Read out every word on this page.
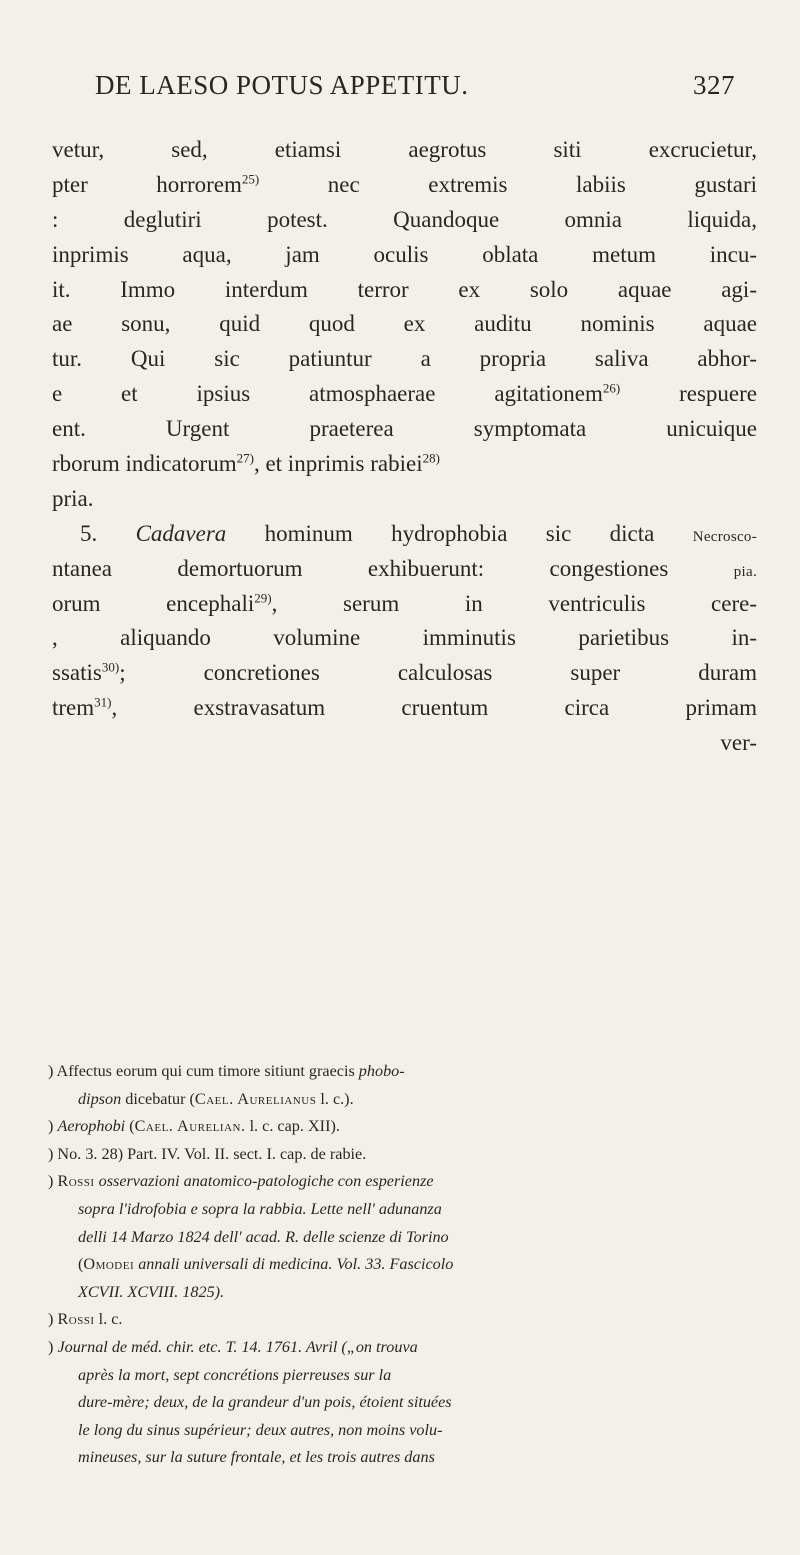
DE LAESO POTUS APPETITU.	327
vetur, sed, etiamsi aegrotus siti excrucietur,
pter horrorem$^{25)}$	nec extremis labiis gustari
:	deglutiri potest. Quandoque omnia liquida,
inprimis aqua, jam oculis oblata metum incu-
it. Immo interdum terror ex solo aquae agi-
ae sonu, quid quod ex auditu nominis aquae
tur. Qui sic patiuntur a propria saliva abhor-
e et ipsius atmosphaerae agitationem$^{26)}$	respuere
ent. Urgent praeterea symptomata unicuique
rborum indicatorum$^{27)}$, et inprimis rabiei$^{28)}$
pria.
5. Cadavera hominum hydrophobia sic dicta	Necrosco-
ntanea demortuorum exhibuerunt: congestiones	pia.
orum encephali$^{29)}$, serum in ventriculis cere-
, aliquando volumine imminutis parietibus in-
ssatis$^{30)}$; concretiones calculosas super duram
trem$^{31)}$, exstravasatum cruentum circa primam
ver-
) Affectus eorum qui cum timore sitiunt graecis phobo-
dipson dicebatur (Cael. Aurelianus l. c.).
) Aerophobi (Cael. Aurelian. l. c. cap. XII).
) No. 3. 28) Part. IV. Vol. II. sect. I. cap. de rabie.
) Rossi osservazioni anatomico-patologiche con esperienze
sopra l'idrofobia e sopra la rabbia. Lette nell' adunanza
delli 14 Marzo 1824 dell' acad. R. delle scienze di Torino
(Omodei annali universali di medicina. Vol. 33. Fascicolo
XCVII. XCVIII. 1825).
) Rossi l. c.
) Journal de méd. chir. etc. T. 14. 1761. Avril („on trouva
après la mort, sept concrétions pierreuses sur la
dure-mère; deux, de la grandeur d'un pois, étoient situées
le long du sinus supérieur; deux autres, non moins volu-
mineuses, sur la suture frontale, et les trois autres dans
